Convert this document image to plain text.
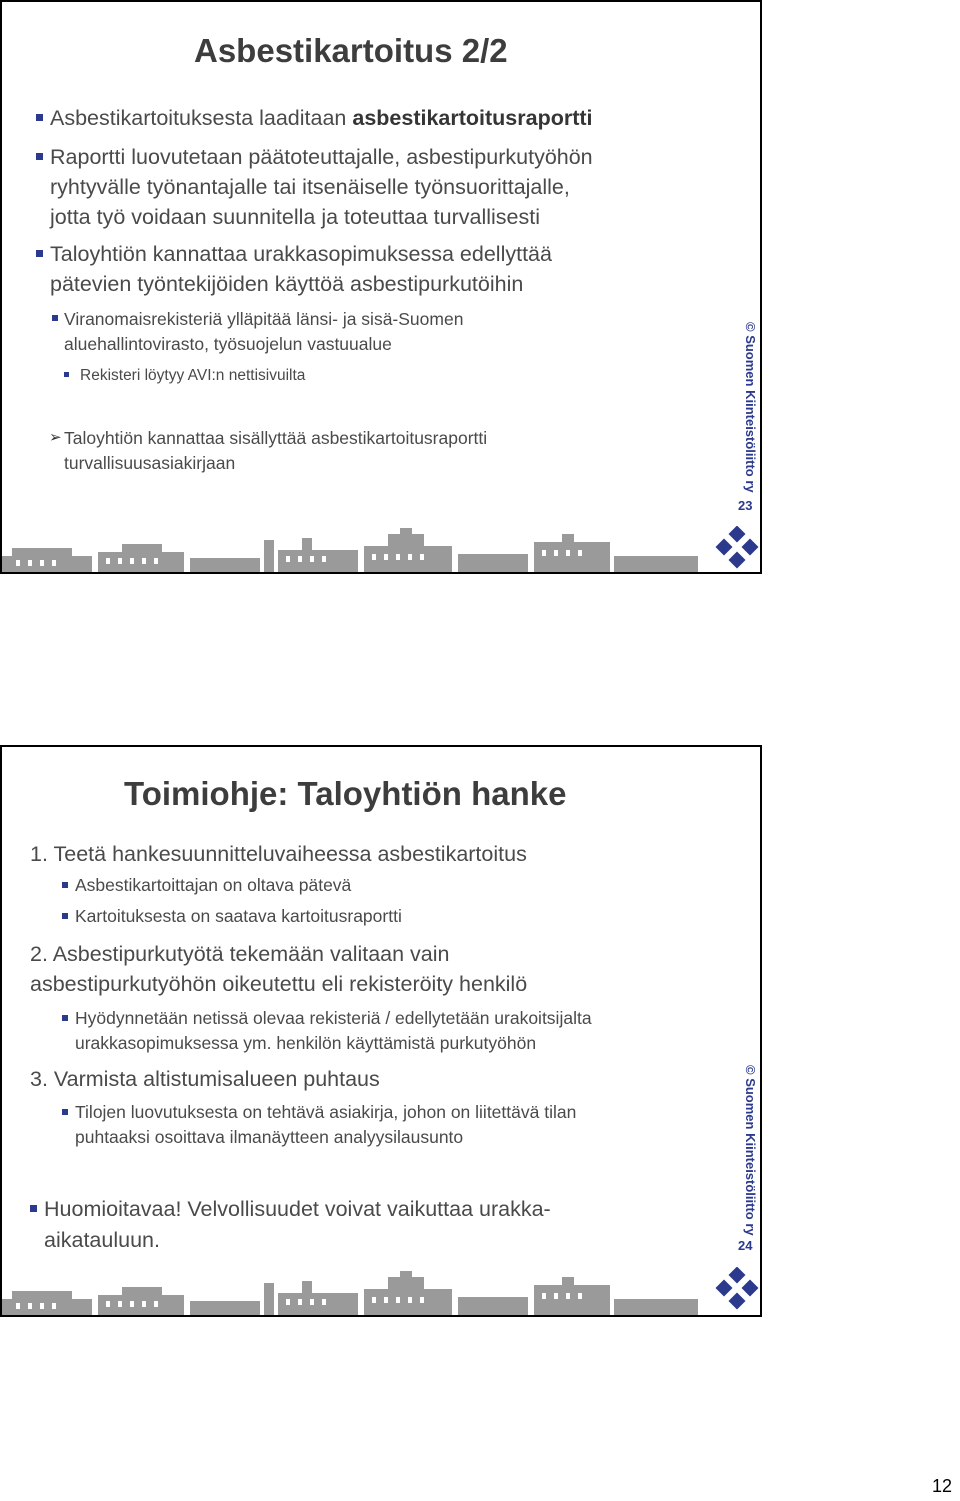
Asbestikartoitus 2/2
Asbestikartoituksesta laaditaan asbestikartoitusraportti
Raportti luovutetaan päätoteuttajalle, asbestipurkutyöhön
ryhtyvälle työnantajalle tai itsenäiselle työnsuorittajalle,
jotta työ voidaan suunnitella ja toteuttaa turvallisesti
Taloyhtiön kannattaa urakkasopimuksessa edellyttää
pätevien työntekijöiden käyttöä asbestipurkutöihin
Viranomaisrekisteriä ylläpitää länsi- ja sisä-Suomen
aluehallintovirasto, työsuojelun vastuualue
Rekisteri löytyy AVI:n nettisivuilta
➢ Taloyhtiön kannattaa sisällyttää asbestikartoitusraportti
turvallisuusasiakirjaan	© Suomen Kiinteistöliitto ry
23
Toimiohje: Taloyhtiön hanke
1. Teetä hankesuunnitteluvaiheessa asbestikartoitus
Asbestikartoittajan on oltava pätevä
Kartoituksesta on saatava kartoitusraportti
2. Asbestipurkutyötä tekemään valitaan vain
asbestipurkutyöhön oikeutettu eli rekisteröity henkilö
Hyödynnetään netissä olevaa rekisteriä / edellytetään urakoitsijalta
urakkasopimuksessa ym. henkilön käyttämistä purkutyöhön
3. Varmista altistumisalueen puhtaus
Tilojen luovutuksesta on tehtävä asiakirja, johon on liitettävä tilan
puhtaaksi osoittava ilmanäytteen analyysilausunto
Huomioitavaa! Velvollisuudet voivat vaikuttaa urakka-
aikatauluun.
© Suomen Kiinteistöliitto ry
24
12
